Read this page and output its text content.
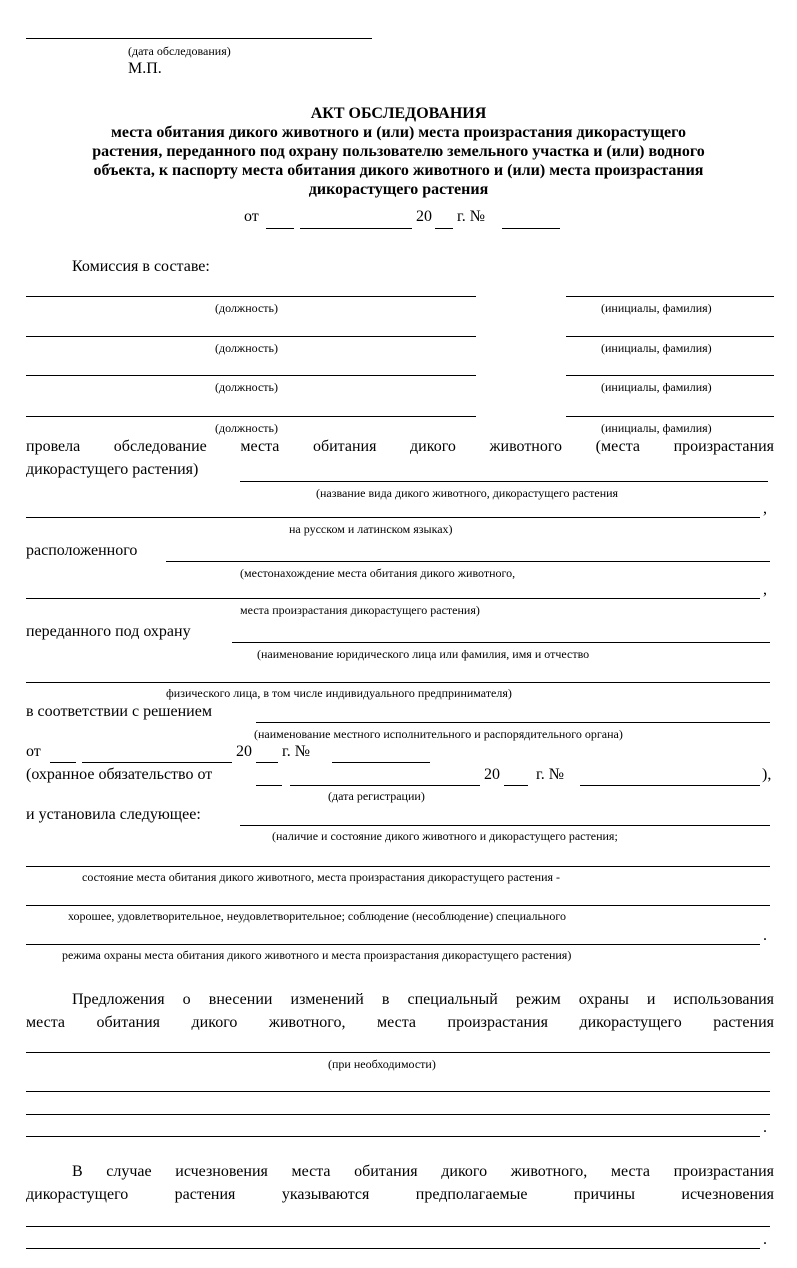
(дата обследования)
М.П.
АКТ ОБСЛЕДОВАНИЯ
места обитания дикого животного и (или) места произрастания дикорастущего
растения, переданного под охрану пользователю земельного участка и (или) водного
объекта, к паспорту места обитания дикого животного и (или) места произрастания
дикорастущего растения
от	20 г. №
Комиссия в составе:
(должность)	(инициалы, фамилия)
(должность)	(инициалы, фамилия)
(должность)	(инициалы, фамилия)
(должность)	(инициалы, фамилия)
провела обследование места обитания дикого животного (места произрастания
дикорастущего растения)
(название вида дикого животного, дикорастущего растения
,
на русском и латинском языках)
расположенного
(местонахождение места обитания дикого животного,
,
места произрастания дикорастущего растения)
переданного под охрану
(наименование юридического лица или фамилия, имя и отчество
физического лица, в том числе индивидуального предпринимателя)
в соответствии с решением
(наименование местного исполнительного и распорядительного органа)
от	20 г. №
(охранное обязательство от	20 г. №	),
(дата регистрации)
и установила следующее:
(наличие и состояние дикого животного и дикорастущего растения;
состояние места обитания дикого животного, места произрастания дикорастущего растения -
хорошее, удовлетворительное, неудовлетворительное; соблюдение (несоблюдение) специального
.
режима охраны места обитания дикого животного и места произрастания дикорастущего растения)
Предложения о внесении изменений в специальный режим охраны и использования
места обитания дикого животного, места произрастания дикорастущего растения
(при необходимости)
.
В случае исчезновения места обитания дикого животного, места произрастания
дикорастущего растения указываются предполагаемые причины исчезновения
.
